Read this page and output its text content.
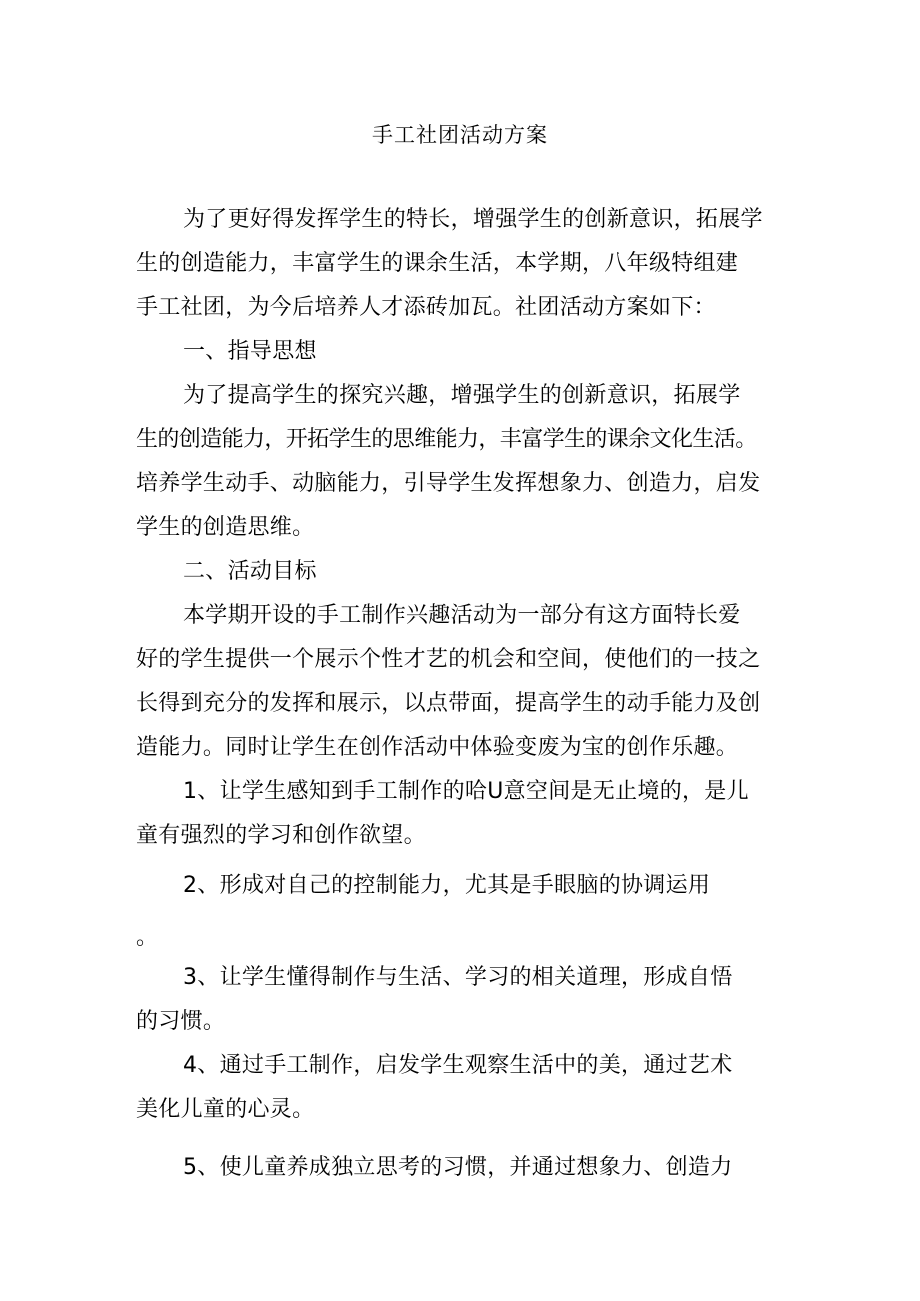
手工社团活动方案
为了更好得发挥学生的特长，增强学生的创新意识，拓展学
生的创造能力，丰富学生的课余生活，本学期，八年级特组建
手工社团，为今后培养人才添砖加瓦。社团活动方案如下：
一、指导思想
为了提高学生的探究兴趣，增强学生的创新意识，拓展学
生的创造能力，开拓学生的思维能力，丰富学生的课余文化生活。
培养学生动手、动脑能力，引导学生发挥想象力、创造力，启发
学生的创造思维。
二、活动目标
本学期开设的手工制作兴趣活动为一部分有这方面特长爱
好的学生提供一个展示个性才艺的机会和空间，使他们的一技之
长得到充分的发挥和展示，以点带面，提高学生的动手能力及创
造能力。同时让学生在创作活动中体验变废为宝的创作乐趣。
1、让学生感知到手工制作的哈U意空间是无止境的，是儿
童有强烈的学习和创作欲望。
2、形成对自己的控制能力，尤其是手眼脑的协调运用
。
3、让学生懂得制作与生活、学习的相关道理，形成自悟
的习惯。
4、通过手工制作，启发学生观察生活中的美，通过艺术
美化儿童的心灵。
5、使儿童养成独立思考的习惯，并通过想象力、创造力
